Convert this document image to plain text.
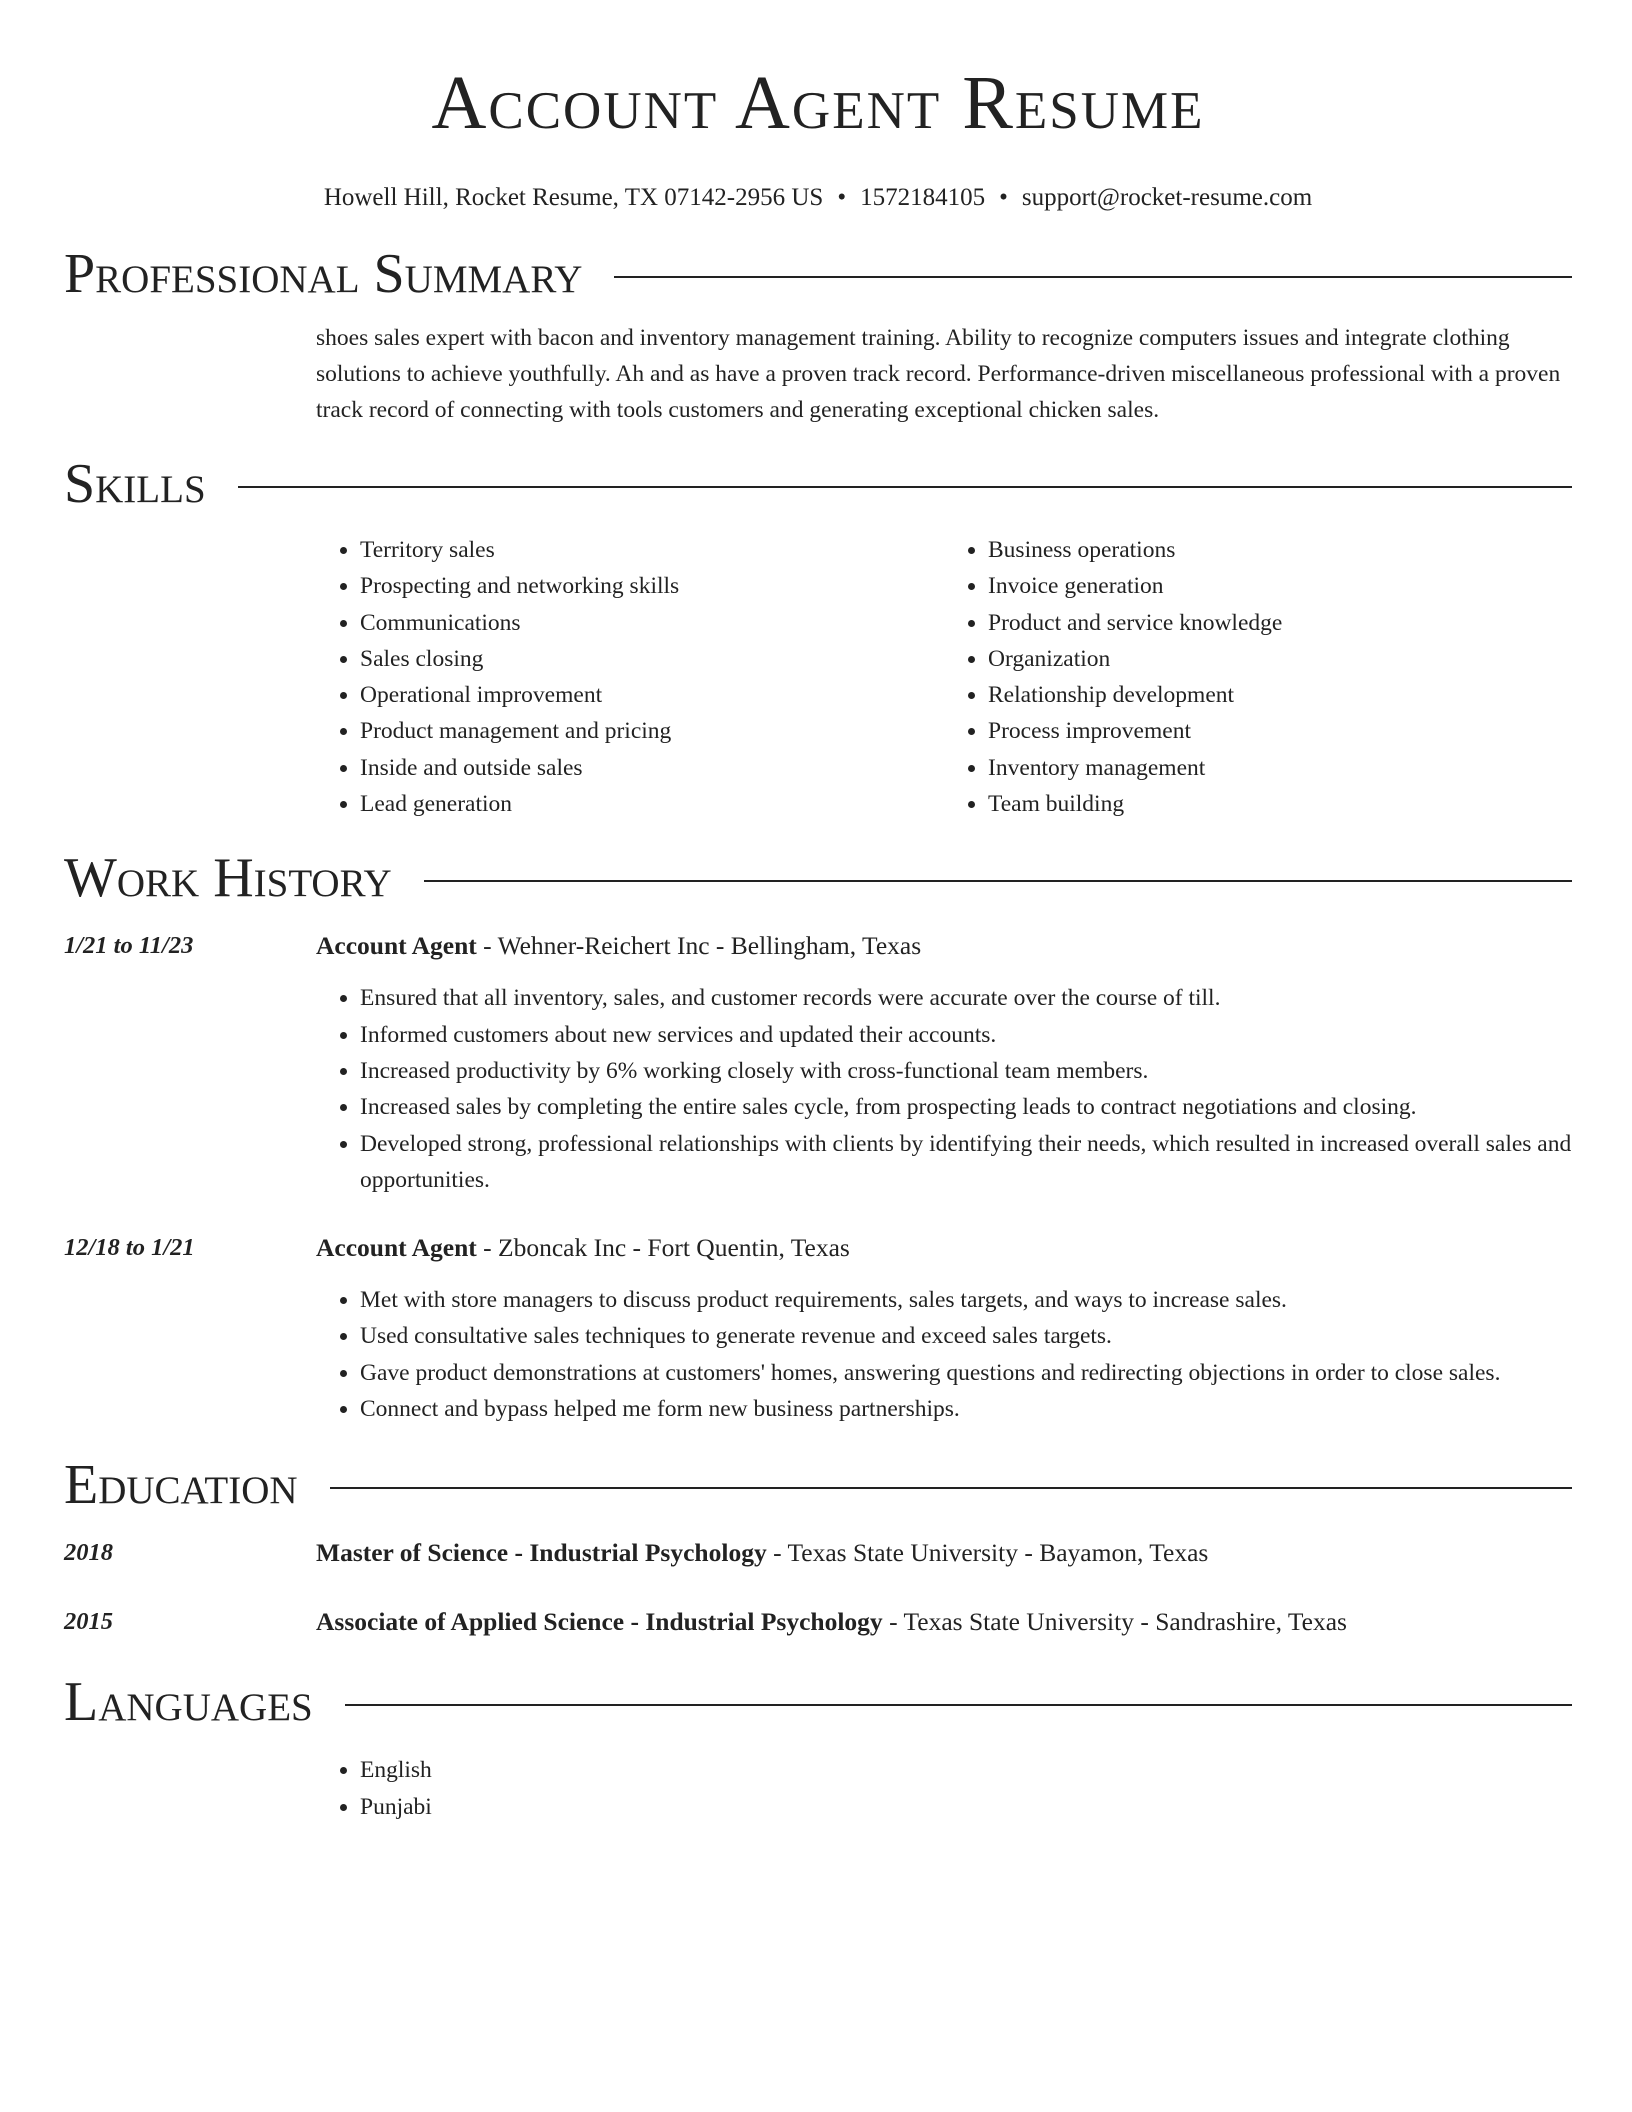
Account Agent Resume
Howell Hill, Rocket Resume, TX 07142-2956 US • 1572184105 • support@rocket-resume.com
Professional Summary

shoes sales expert with bacon and inventory management training. Ability to recognize computers issues and integrate clothing solutions to achieve youthfully. Ah and as have a proven track record. Performance-driven miscellaneous professional with a proven track record of connecting with tools customers and generating exceptional chicken sales.

Skills
• Territory sales
• Prospecting and networking skills
• Communications
• Sales closing
• Operational improvement
• Product management and pricing
• Inside and outside sales
• Lead generation
• Business operations
• Invoice generation
• Product and service knowledge
• Organization
• Relationship development
• Process improvement
• Inventory management
• Team building
Work History
1/21 to 11/23	Account Agent - Wehner-Reichert Inc - Bellingham, Texas
• Ensured that all inventory, sales, and customer records were accurate over the course of till.
• Informed customers about new services and updated their accounts.
• Increased productivity by 6% working closely with cross-functional team members.
• Increased sales by completing the entire sales cycle, from prospecting leads to contract negotiations and closing.
• Developed strong, professional relationships with clients by identifying their needs, which resulted in increased overall sales and opportunities.
12/18 to 1/21	Account Agent - Zboncak Inc - Fort Quentin, Texas
• Met with store managers to discuss product requirements, sales targets, and ways to increase sales.
• Used consultative sales techniques to generate revenue and exceed sales targets.
• Gave product demonstrations at customers' homes, answering questions and redirecting objections in order to close sales.
• Connect and bypass helped me form new business partnerships.
Education
2018	Master of Science - Industrial Psychology - Texas State University - Bayamon, Texas
2015	Associate of Applied Science - Industrial Psychology - Texas State University - Sandrashire, Texas
Languages
• English
• Punjabi
